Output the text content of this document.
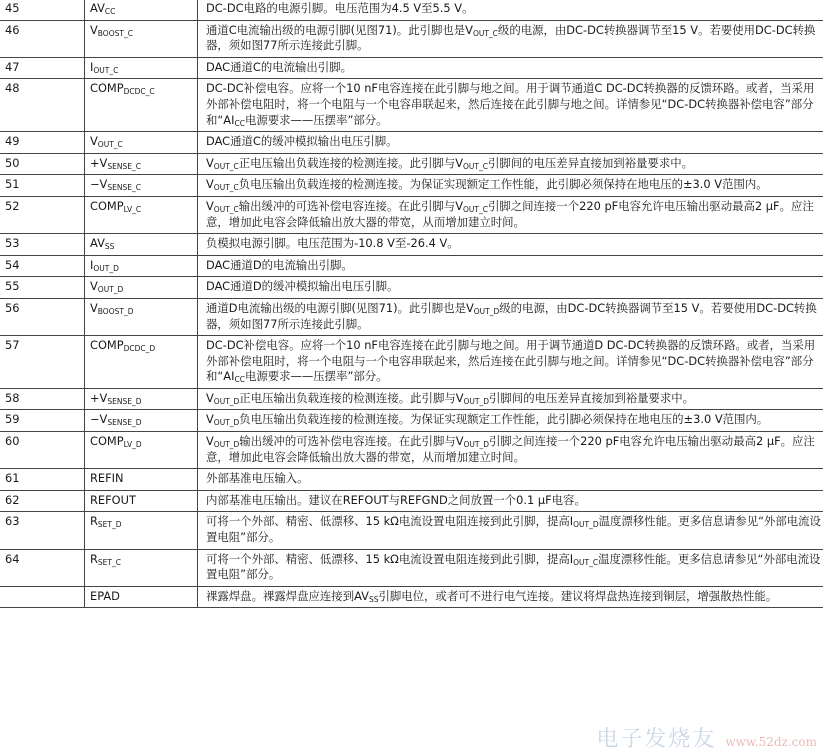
45	$AV_{CC}$	DC-DC电路的电源引脚。电压范围为4.5 V至5.5 V。
46	$V_{BOOST\_C}$	通道C电流输出级的电源引脚(见图71)。此引脚也是$V_{OUT\_C}$级的电源，由DC-DC转换器调节至15 V。若要使用DC-DC转换器，须如图77所示连接此引脚。
47	$I_{OUT\_C}$	DAC通道C的电流输出引脚。
48	$COMP_{DCDC\_C}$	DC-DC补偿电容。应将一个10 nF电容连接在此引脚与地之间。用于调节通道C DC-DC转换器的反馈环路。或者，当采用外部补偿电阻时，将一个电阻与一个电容串联起来，然后连接在此引脚与地之间。详情参见“DC-DC转换器补偿电容”部分和“$AI_{CC}$电源要求——压摆率”部分。
49	$V_{OUT\_C}$	DAC通道C的缓冲模拟输出电压引脚。
50	$+V_{SENSE\_C}$	$V_{OUT\_C}$正电压输出负载连接的检测连接。此引脚与$V_{OUT\_C}$引脚间的电压差异直接加到裕量要求中。
51	$-V_{SENSE\_C}$	$V_{OUT\_C}$负电压输出负载连接的检测连接。为保证实现额定工作性能，此引脚必须保持在地电压的±3.0 V范围内。
52	$COMP_{LV\_C}$	$V_{OUT\_C}$输出缓冲的可选补偿电容连接。在此引脚与$V_{OUT\_C}$引脚之间连接一个220 pF电容允许电压输出驱动最高2 μF。应注意，增加此电容会降低输出放大器的带宽，从而增加建立时间。
53	$AV_{SS}$	负模拟电源引脚。电压范围为-10.8 V至-26.4 V。
54	$I_{OUT\_D}$	DAC通道D的电流输出引脚。
55	$V_{OUT\_D}$	DAC通道D的缓冲模拟输出电压引脚。
56	$V_{BOOST\_D}$	通道D电流输出级的电源引脚(见图71)。此引脚也是$V_{OUT\_D}$级的电源，由DC-DC转换器调节至15 V。若要使用DC-DC转换器，须如图77所示连接此引脚。
57	$COMP_{DCDC\_D}$	DC-DC补偿电容。应将一个10 nF电容连接在此引脚与地之间。用于调节通道D DC-DC转换器的反馈环路。或者，当采用外部补偿电阻时，将一个电阻与一个电容串联起来，然后连接在此引脚与地之间。详情参见“DC-DC转换器补偿电容”部分和“$AI_{CC}$电源要求——压摆率”部分。
58	$+V_{SENSE\_D}$	$V_{OUT\_D}$正电压输出负载连接的检测连接。此引脚与$V_{OUT\_D}$引脚间的电压差异直接加到裕量要求中。
59	$-V_{SENSE\_D}$	$V_{OUT\_D}$负电压输出负载连接的检测连接。为保证实现额定工作性能，此引脚必须保持在地电压的±3.0 V范围内。
60	$COMP_{LV\_D}$	$V_{OUT\_D}$输出缓冲的可选补偿电容连接。在此引脚与$V_{OUT\_D}$引脚之间连接一个220 pF电容允许电压输出驱动最高2 μF。应注意，增加此电容会降低输出放大器的带宽，从而增加建立时间。
61	REFIN	外部基准电压输入。
62	REFOUT	内部基准电压输出。建议在REFOUT与REFGND之间放置一个0.1 μF电容。
63	$R_{SET\_D}$	可将一个外部、精密、低漂移、15 kΩ电流设置电阻连接到此引脚，提高$I_{OUT\_D}$温度漂移性能。更多信息请参见“外部电流设置电阻”部分。
64	$R_{SET\_C}$	可将一个外部、精密、低漂移、15 kΩ电流设置电阻连接到此引脚，提高$I_{OUT\_C}$温度漂移性能。更多信息请参见“外部电流设置电阻”部分。
	EPAD	裸露焊盘。裸露焊盘应连接到$AV_{SS}$引脚电位，或者可不进行电气连接。建议将焊盘热连接到铜层，增强散热性能。
电子发烧友 www.52dz.com
